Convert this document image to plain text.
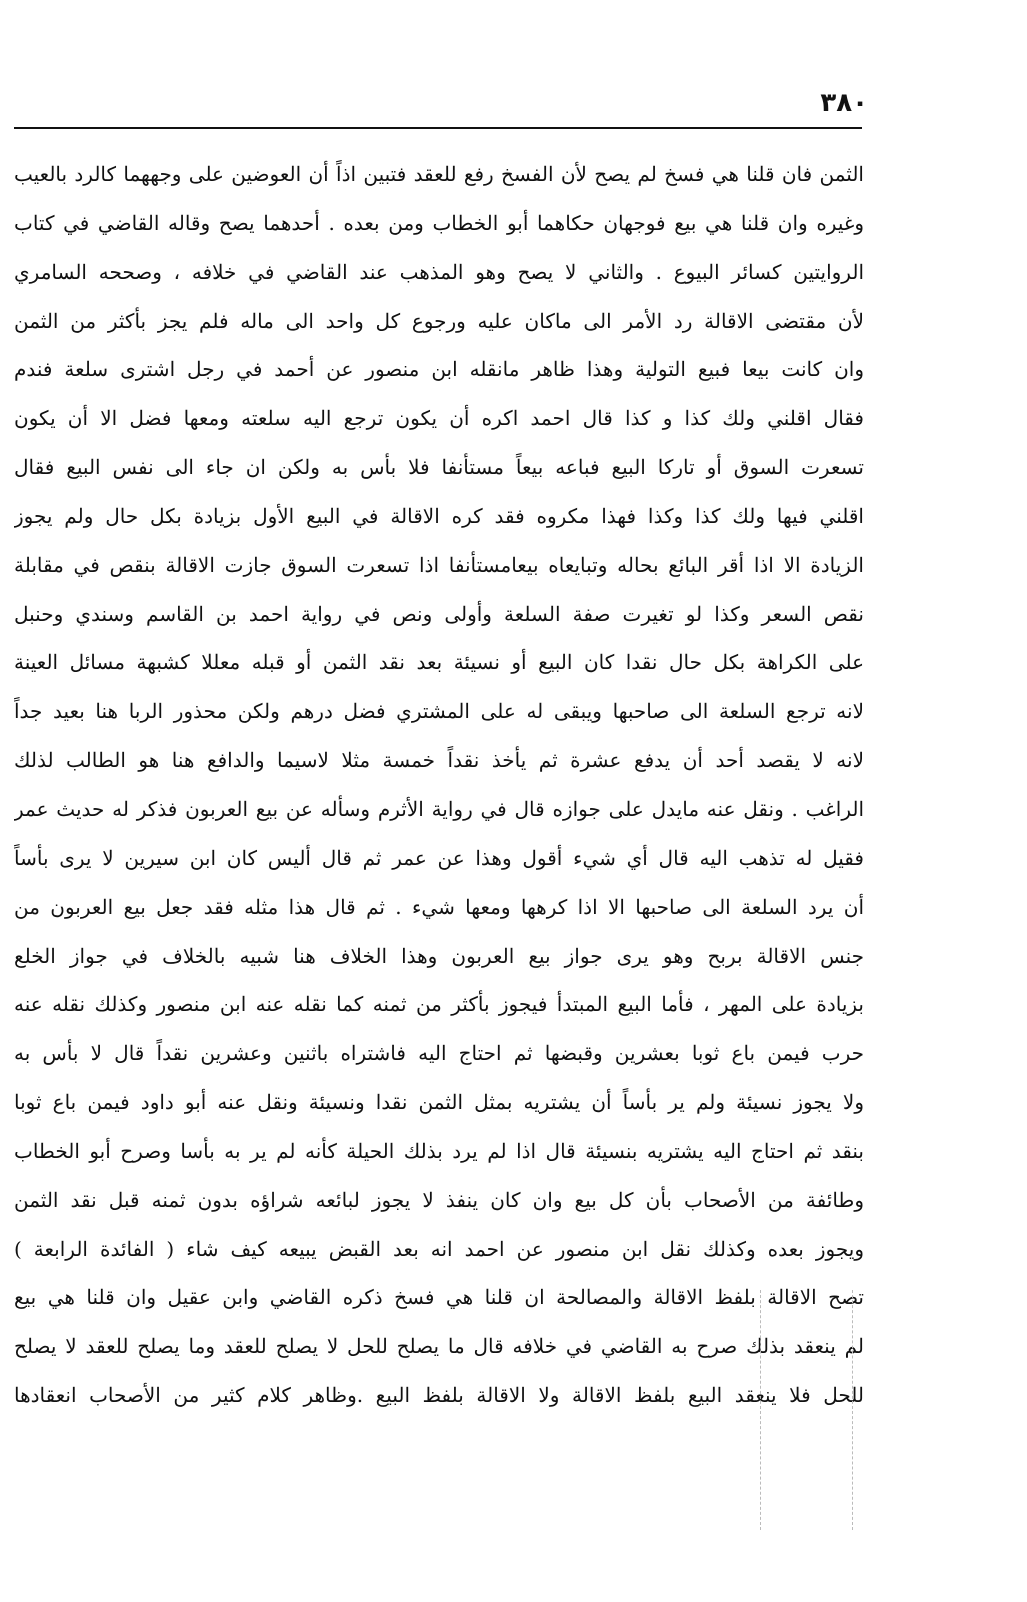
٣٨٠
الثمن فان قلنا هي فسخ لم يصح لأن الفسخ رفع للعقد فتبين اذاً أن العوضين على وجههما كالرد بالعيب
وغيره وان قلنا هي بيع فوجهان حكاهما أبو الخطاب ومن بعده . أحدهما يصح وقاله القاضي في كتاب
الروايتين كسائر البيوع . والثاني لا يصح وهو المذهب عند القاضي في خلافه ، وصححه السامري
لأن مقتضى الاقالة رد الأمر الى ماكان عليه ورجوع كل واحد الى ماله فلم يجز بأكثر من الثمن
وان كانت بيعا فبيع التولية وهذا ظاهر مانقله ابن منصور عن أحمد في رجل اشترى سلعة فندم
فقال اقلني ولك كذا و كذا قال احمد اكره أن يكون ترجع اليه سلعته ومعها فضل الا أن يكون
تسعرت السوق أو تاركا البيع فباعه بيعاً مستأنفا فلا بأس به ولكن ان جاء الى نفس البيع فقال
اقلني فيها ولك كذا وكذا فهذا مكروه فقد كره الاقالة في البيع الأول بزيادة بكل حال ولم يجوز
الزيادة الا اذا أقر البائع بحاله وتبايعاه بيعامستأنفا اذا تسعرت السوق جازت الاقالة بنقص في مقابلة
نقص السعر وكذا لو تغيرت صفة السلعة وأولى ونص في رواية احمد بن القاسم وسندي وحنبل
على الكراهة بكل حال نقدا كان البيع أو نسيئة بعد نقد الثمن أو قبله معللا كشبهة مسائل العينة
لانه ترجع السلعة الى صاحبها ويبقى له على المشتري فضل درهم ولكن محذور الربا هنا بعيد جداً
لانه لا يقصد أحد أن يدفع عشرة ثم يأخذ نقداً خمسة مثلا لاسيما والدافع هنا هو الطالب لذلك
الراغب . ونقل عنه مايدل على جوازه قال في رواية الأثرم وسأله عن بيع العربون فذكر له حديث عمر
فقيل له تذهب اليه قال أي شيء أقول وهذا عن عمر ثم قال أليس كان ابن سيرين لا يرى بأساً
أن يرد السلعة الى صاحبها الا اذا كرهها ومعها شيء . ثم قال هذا مثله فقد جعل بيع العربون من
جنس الاقالة بربح وهو يرى جواز بيع العربون وهذا الخلاف هنا شبيه بالخلاف في جواز الخلع
بزيادة على المهر ، فأما البيع المبتدأ فيجوز بأكثر من ثمنه كما نقله عنه ابن منصور وكذلك نقله عنه
حرب فيمن باع ثوبا بعشرين وقبضها ثم احتاج اليه فاشتراه باثنين وعشرين نقداً قال لا بأس به
ولا يجوز نسيئة ولم ير بأساً أن يشتريه بمثل الثمن نقدا ونسيئة ونقل عنه أبو داود فيمن باع ثوبا
بنقد ثم احتاج اليه يشتريه بنسيئة قال اذا لم يرد بذلك الحيلة كأنه لم ير به بأسا وصرح أبو الخطاب
وطائفة من الأصحاب بأن كل بيع وان كان ينفذ لا يجوز لبائعه شراؤه بدون ثمنه قبل نقد الثمن
ويجوز بعده وكذلك نقل ابن منصور عن احمد انه بعد القبض يبيعه كيف شاء ( الفائدة الرابعة )
تصح الاقالة بلفظ الاقالة والمصالحة ان قلنا هي فسخ ذكره القاضي وابن عقيل وان قلنا هي بيع
لم ينعقد بذلك صرح به القاضي في خلافه قال ما يصلح للحل لا يصلح للعقد وما يصلح للعقد لا يصلح
للحل فلا ينعقد البيع بلفظ الاقالة ولا الاقالة بلفظ البيع .وظاهر كلام كثير من الأصحاب انعقادها
